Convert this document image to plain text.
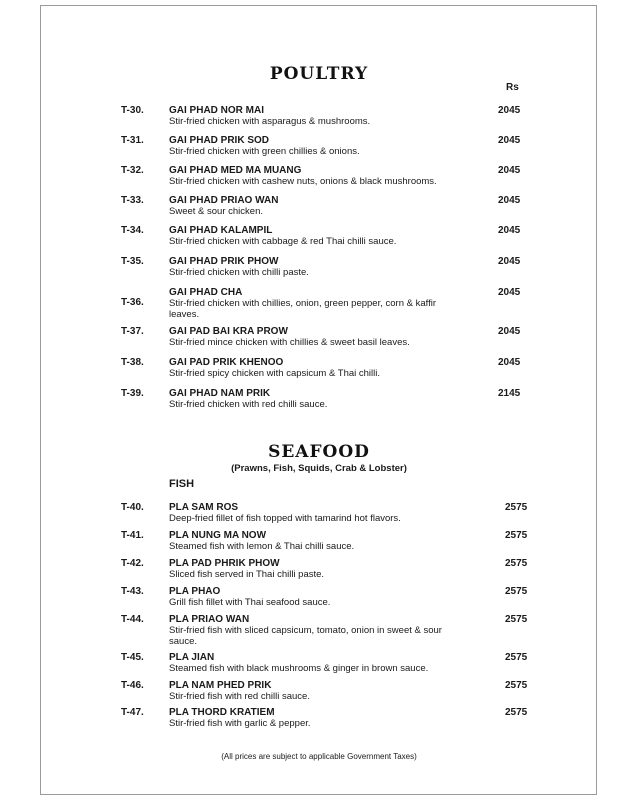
POULTRY
Rs
T-30.	GAI PHAD NOR MAI
Stir-fried chicken with asparagus & mushrooms.
2045
T-31.	GAI PHAD PRIK SOD
Stir-fried chicken with green chillies & onions.
2045
T-32.	GAI PHAD MED MA MUANG
Stir-fried chicken with cashew nuts, onions & black mushrooms.
2045
T-33.	GAI PHAD PRIAO WAN
Sweet & sour chicken.
2045
T-34.	GAI PHAD KALAMPIL
Stir-fried chicken with cabbage & red Thai chilli sauce.
2045
T-35.	GAI PHAD PRIK PHOW
Stir-fried chicken with chilli paste.
2045
T-36.
GAI PHAD CHA
Stir-fried chicken with chillies, onion, green pepper, corn & kaffir leaves.
2045
T-37.	GAI PAD BAI KRA PROW
Stir-fried mince chicken with chillies & sweet basil leaves.
2045
T-38.	GAI PAD PRIK KHENOO
Stir-fried spicy chicken with capsicum & Thai chilli.
2045
T-39.	GAI PHAD NAM PRIK
Stir-fried chicken with red chilli sauce.
2145
SEAFOOD
(Prawns, Fish, Squids, Crab & Lobster)
FISH
T-40.	PLA SAM ROS
Deep-fried fillet of fish topped with tamarind hot flavors.
2575
T-41.	PLA NUNG MA NOW
Steamed fish with lemon & Thai chilli sauce.
2575
T-42.	PLA PAD PHRIK PHOW
Sliced fish served in Thai chilli paste.
2575
T-43.	PLA PHAO
Grill fish fillet with Thai seafood sauce.
2575
T-44.	PLA PRIAO WAN
Stir-fried fish with sliced capsicum, tomato, onion in sweet & sour sauce.
2575
T-45.	PLA JIAN
Steamed fish with black mushrooms & ginger in brown sauce.
2575
T-46.	PLA NAM PHED PRIK
Stir-fried fish with red chilli sauce.
2575
T-47.	PLA THORD KRATIEM
Stir-fried fish with garlic & pepper.
2575
(All prices are subject to applicable Government Taxes)
